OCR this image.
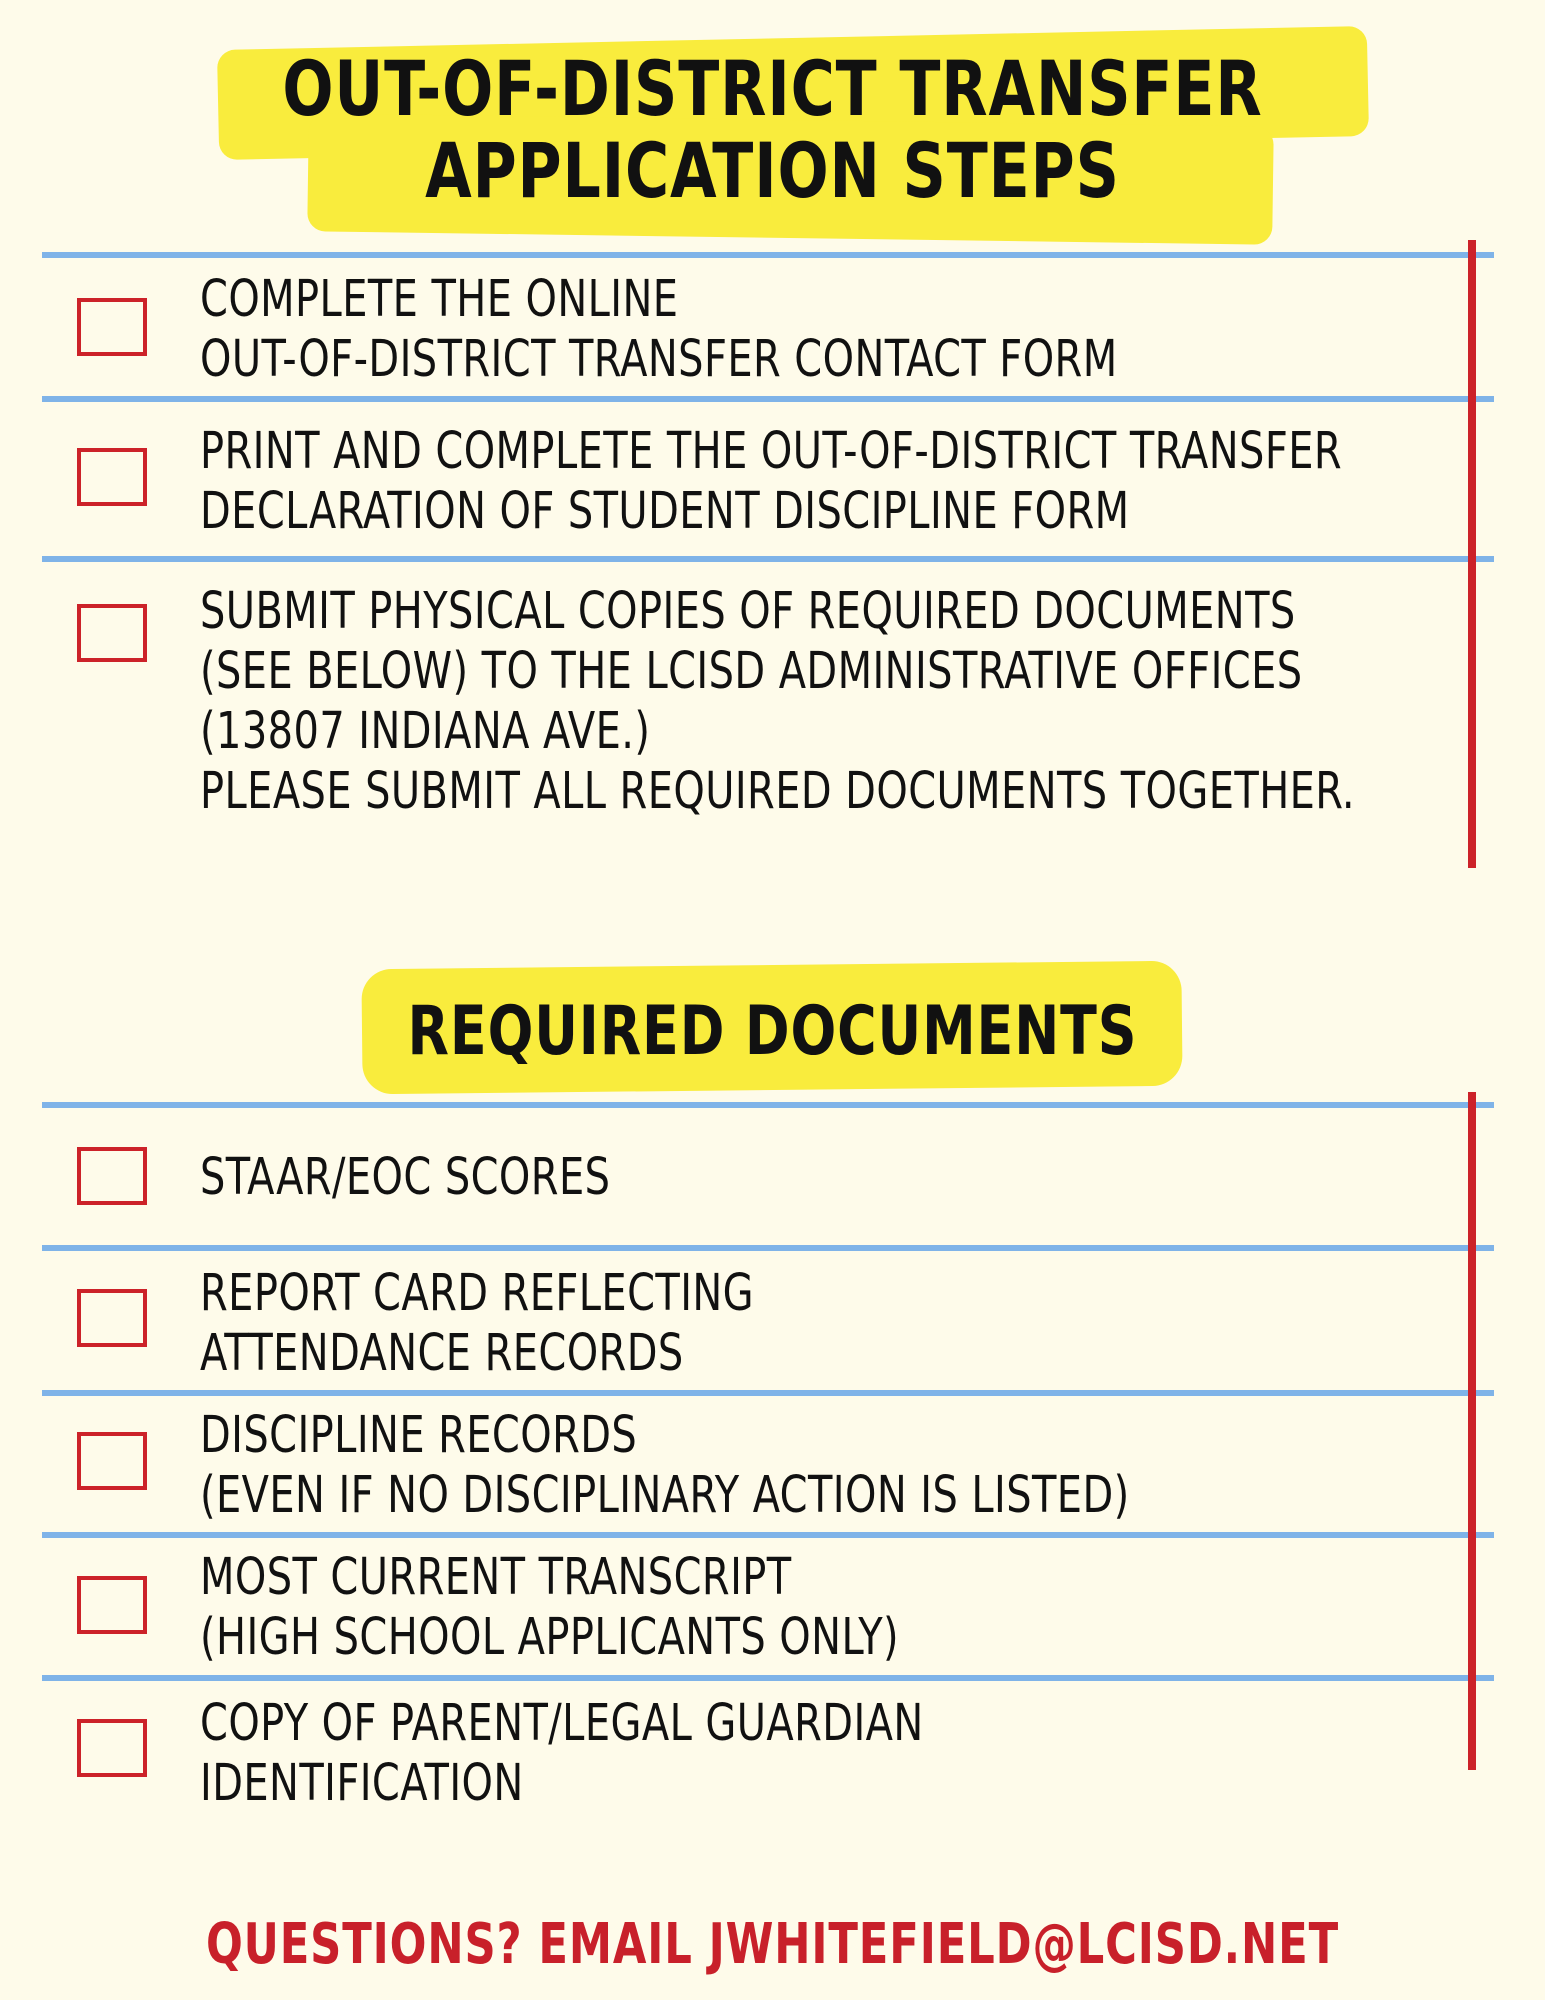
OUT-OF-DISTRICT TRANSFER
APPLICATION STEPS
COMPLETE THE ONLINE
OUT-OF-DISTRICT TRANSFER CONTACT FORM
PRINT AND COMPLETE THE OUT-OF-DISTRICT TRANSFER
DECLARATION OF STUDENT DISCIPLINE FORM
SUBMIT PHYSICAL COPIES OF REQUIRED DOCUMENTS
(SEE BELOW) TO THE LCISD ADMINISTRATIVE OFFICES
(13807 INDIANA AVE.)
PLEASE SUBMIT ALL REQUIRED DOCUMENTS TOGETHER.
REQUIRED DOCUMENTS
STAAR/EOC SCORES
REPORT CARD REFLECTING
ATTENDANCE RECORDS
DISCIPLINE RECORDS
(EVEN IF NO DISCIPLINARY ACTION IS LISTED)
MOST CURRENT TRANSCRIPT
(HIGH SCHOOL APPLICANTS ONLY)
COPY OF PARENT/LEGAL GUARDIAN
IDENTIFICATION
QUESTIONS? EMAIL JWHITEFIELD@LCISD.NET
